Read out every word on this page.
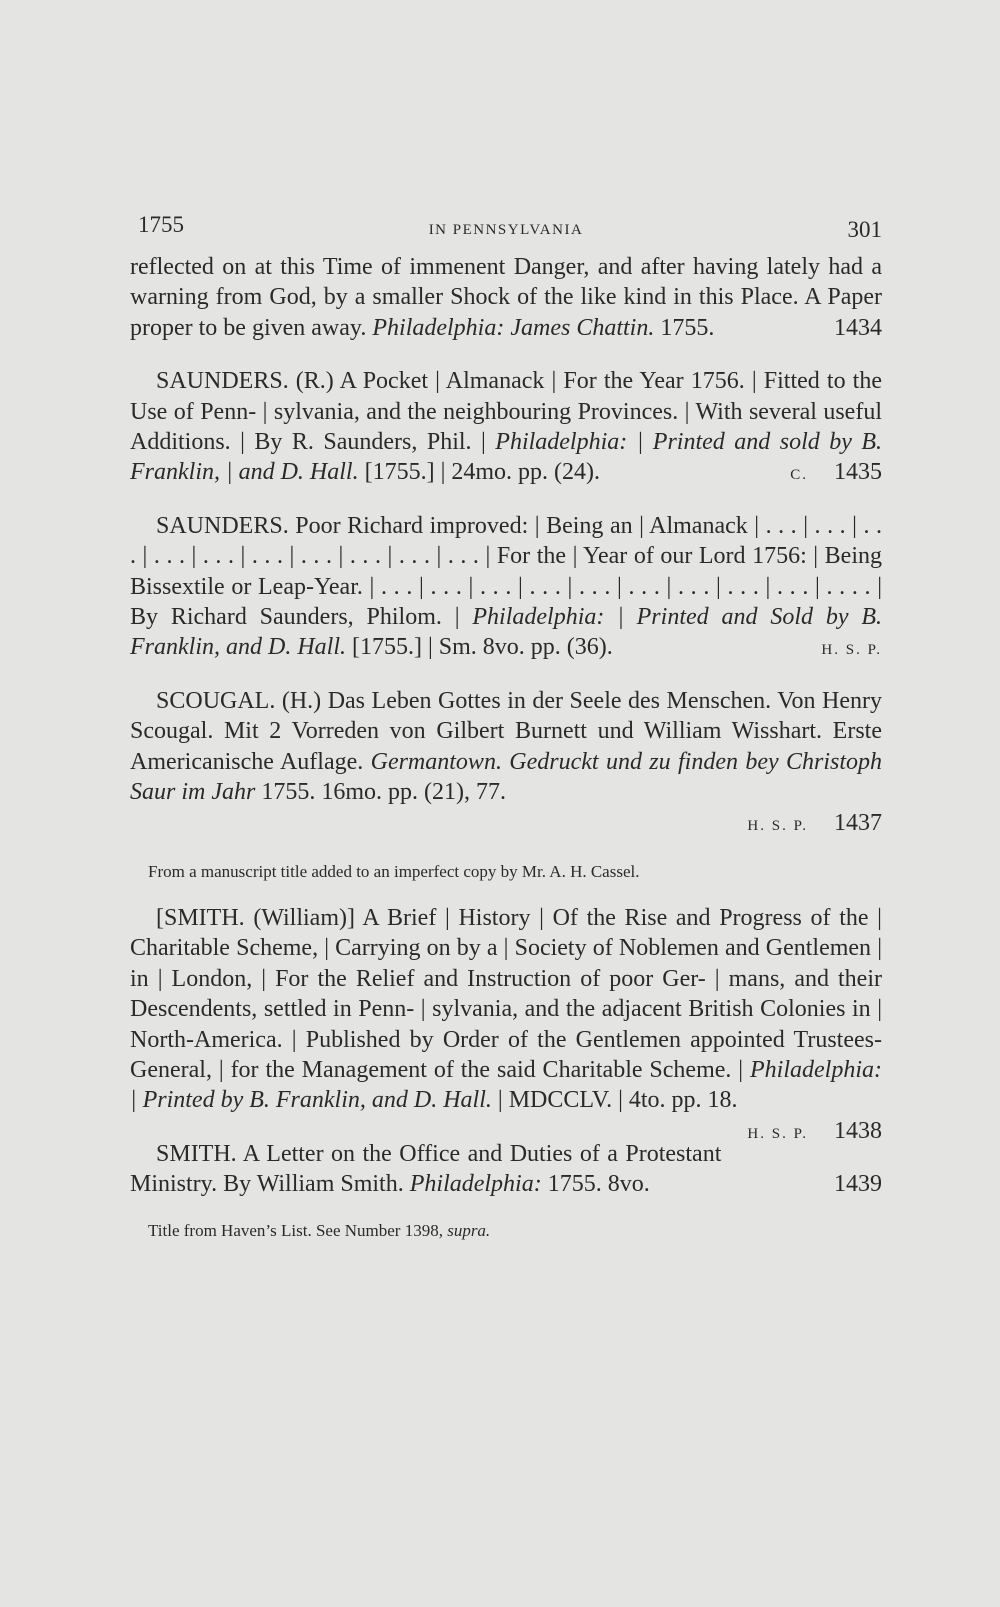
1755	IN PENNSYLVANIA	301

reflected on at this Time of immenent Danger, and after having lately had a warning from God, by a smaller Shock of the like kind in this Place. A Paper proper to be given away. Philadelphia: James Chattin. 1755.	1434

SAUNDERS. (R.) A Pocket | Almanack | For the Year 1756. | Fitted to the Use of Penn- | sylvania, and the neighbouring Provinces. | With several useful Additions. | By R. Saunders, Phil. | Philadelphia: | Printed and sold by B. Franklin, | and D. Hall. [1755.] | 24mo. pp. (24).	C. 1435

SAUNDERS. Poor Richard improved: | Being an | Almanack | . . . | . . . | . . . | . . . | . . . | . . . | . . . | . . . | . . . | . . . | For the | Year of our Lord 1756: | Being Bissextile or Leap-Year. | . . . | . . . | . . . | . . . | . . . | . . . | . . . | . . . | . . . | . . . . | By Richard Saunders, Philom. | Philadelphia: | Printed and Sold by B. Franklin, and D. Hall. [1755.] | Sm. 8vo. pp. (36).	H. S. P.

SCOUGAL. (H.) Das Leben Gottes in der Seele des Menschen. Von Henry Scougal. Mit 2 Vorreden von Gilbert Burnett und William Wisshart. Erste Americanische Auflage. Germantown. Gedruckt und zu finden bey Christoph Saur im Jahr 1755. 16mo. pp. (21), 77.
H. S. P. 1437

From a manuscript title added to an imperfect copy by Mr. A. H. Cassel.

[SMITH. (William)] A Brief | History | Of the Rise and Progress of the | Charitable Scheme, | Carrying on by a | Society of Noblemen and Gentlemen | in | London, | For the Relief and Instruction of poor Ger- | mans, and their Descendents, settled in Penn- | sylvania, and the adjacent British Colonies in | North-America. | Published by Order of the Gentlemen appointed Trustees-General, | for the Management of the said Charitable Scheme. | Philadelphia: | Printed by B. Franklin, and D. Hall. | MDCCLV. | 4to. pp. 18.
H. S. P. 1438

SMITH. A Letter on the Office and Duties of a Protestant Ministry. By William Smith. Philadelphia: 1755. 8vo.	1439

Title from Haven’s List. See Number 1398, supra.
